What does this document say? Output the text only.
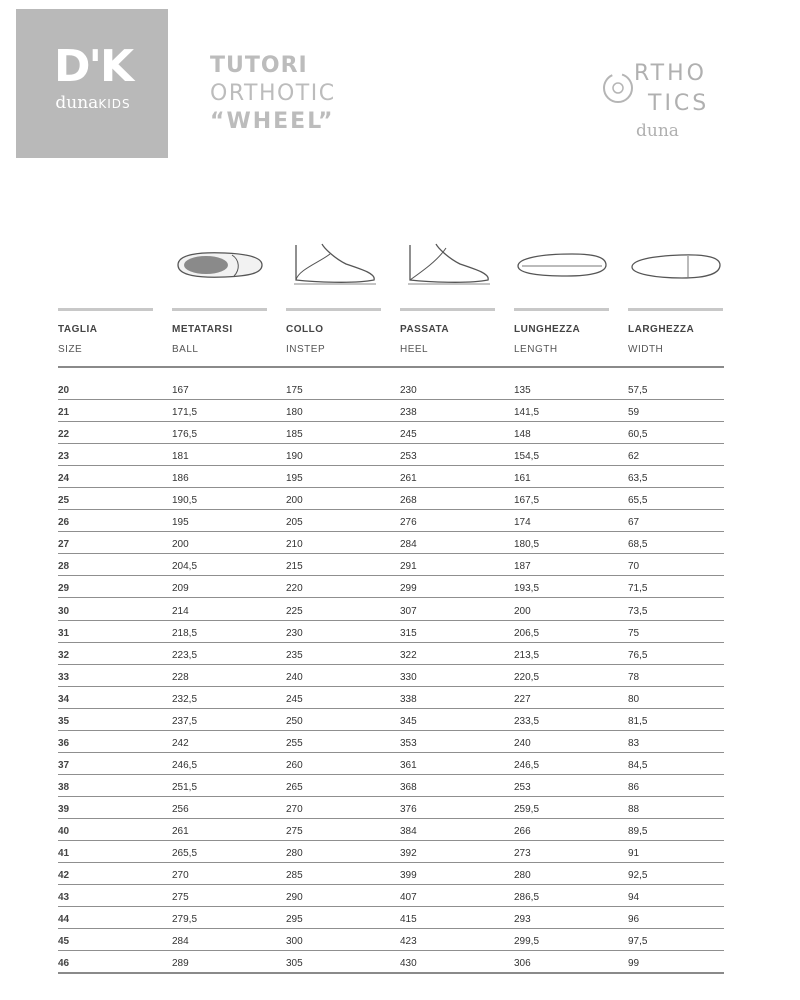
D'K
dunaKIDS
TUTORI
ORTHOTIC
“WHEEL”
RTHO
TICS
duna
TAGLIA
SIZE
METATARSI
BALL
COLLO
INSTEP
PASSATA
HEEL
LUNGHEZZA
LENGTH
LARGHEZZA
WIDTH
20	167	175	230	135	57,5
21	171,5	180	238	141,5	59
22	176,5	185	245	148	60,5
23	181	190	253	154,5	62
24	186	195	261	161	63,5
25	190,5	200	268	167,5	65,5
26	195	205	276	174	67
27	200	210	284	180,5	68,5
28	204,5	215	291	187	70
29	209	220	299	193,5	71,5
30	214	225	307	200	73,5
31	218,5	230	315	206,5	75
32	223,5	235	322	213,5	76,5
33	228	240	330	220,5	78
34	232,5	245	338	227	80
35	237,5	250	345	233,5	81,5
36	242	255	353	240	83
37	246,5	260	361	246,5	84,5
38	251,5	265	368	253	86
39	256	270	376	259,5	88
40	261	275	384	266	89,5
41	265,5	280	392	273	91
42	270	285	399	280	92,5
43	275	290	407	286,5	94
44	279,5	295	415	293	96
45	284	300	423	299,5	97,5
46	289	305	430	306	99
